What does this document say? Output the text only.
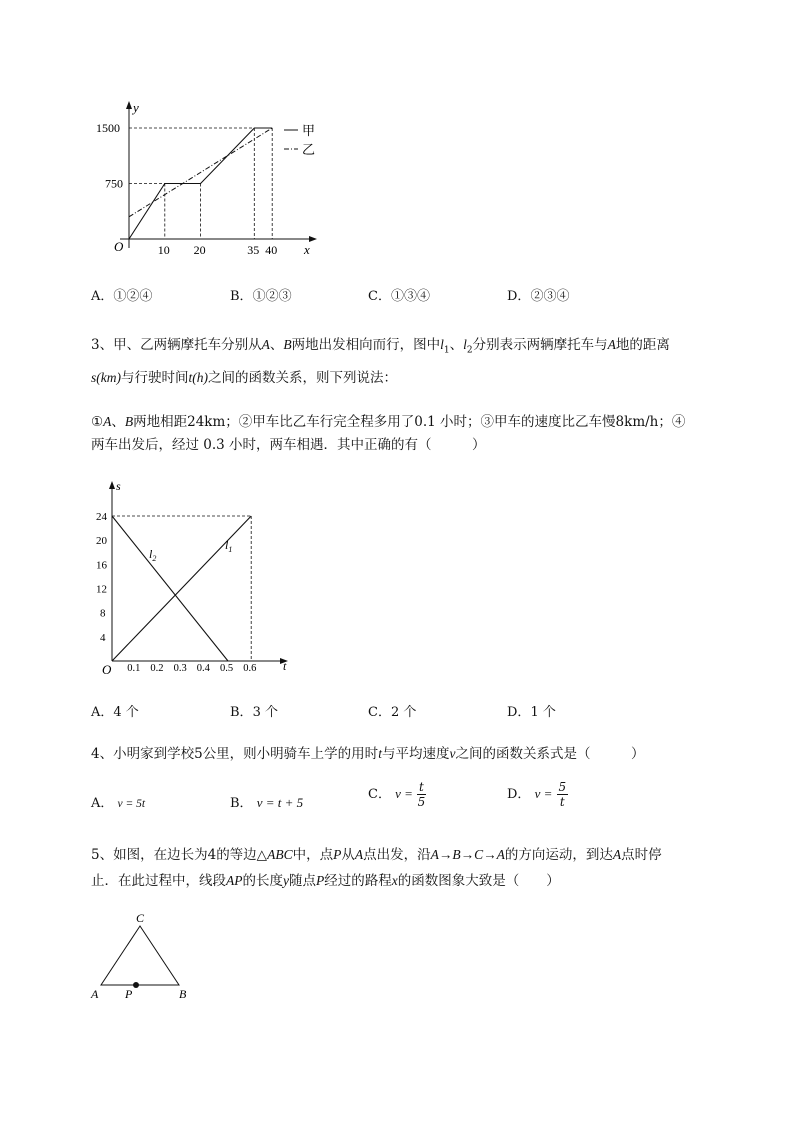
y
x
O	10 20	35 40
750
1500	甲
乙
A．①②④	B．①②③	C．①③④	D．②③④
3、甲、乙两辆摩托车分别从A、B两地出发相向而行，图中$l_1$、$l_2$分别表示两辆摩托车与A地的距离
s(km)与行驶时间t(h)之间的函数关系，则下列说法：
①A、B两地相距24km；②甲车比乙车行完全程多用了0.1 小时；③甲车的速度比乙车慢8km/h；④
两车出发后，经过 0.3 小时，两车相遇．其中正确的有（　　　）
s
t
O 0.1 0.2 0.3 0.4 0.5 0.6
4
8
12
16
20
24
$l_2$
$l_1$
A．4 个	B．3 个	C．2 个	D．1 个
4、小明家到学校5公里，则小明骑车上学的用时t与平均速度v之间的函数关系式是（　　　）
A． v = 5t	B． v = t + 5
C． $v = \frac{t}{5}$	D． $v = \frac{5}{t}$
5、如图，在边长为4的等边△ABC中，点P从A点出发，沿A→B→C→A的方向运动，到达A点时停
止．在此过程中，线段AP的长度y随点P经过的路程x的函数图象大致是（　　）
C
A P	B
